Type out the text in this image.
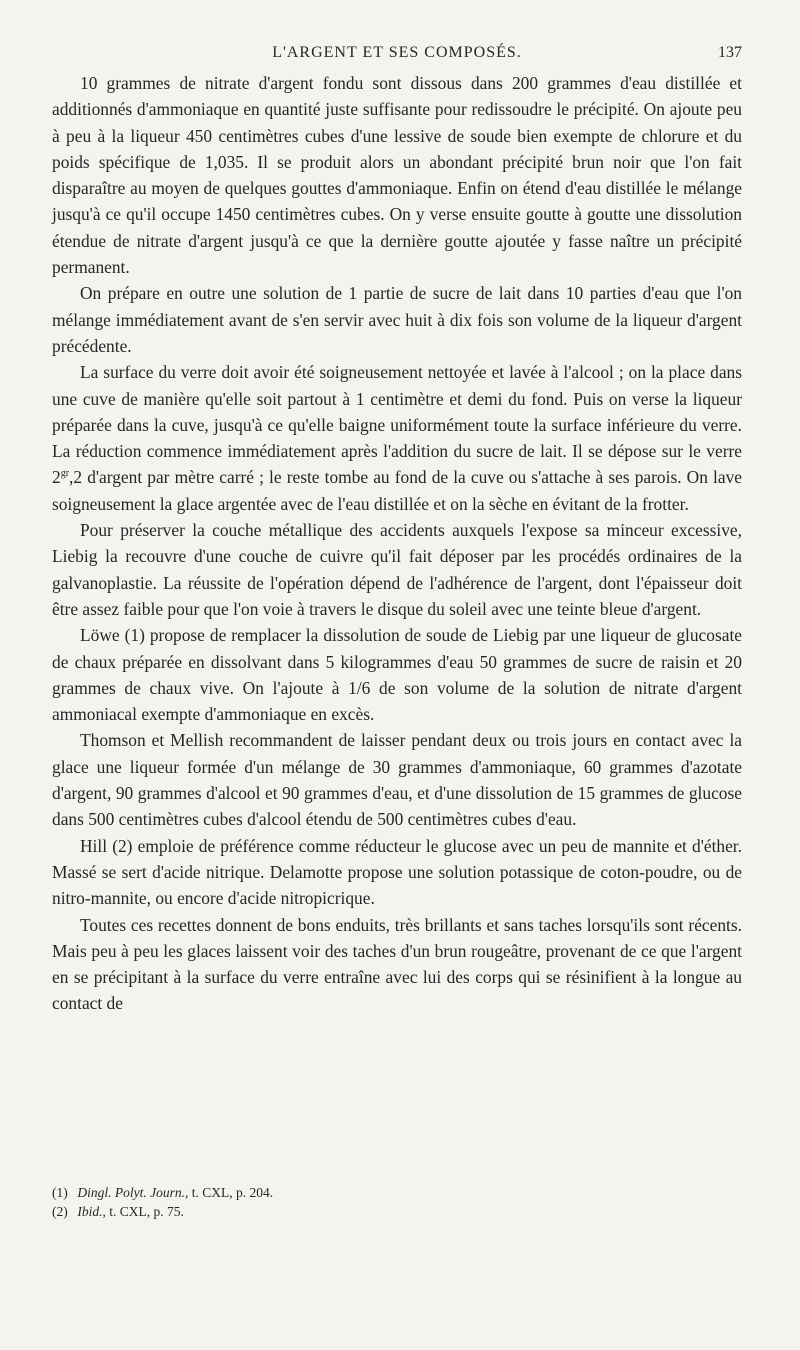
L'ARGENT ET SES COMPOSÉS.	137

10 grammes de nitrate d'argent fondu sont dissous dans 200 grammes d'eau distillée et additionnés d'ammoniaque en quantité juste suffisante pour redissoudre le précipité. On ajoute peu à peu à la liqueur 450 centimètres cubes d'une lessive de soude bien exempte de chlorure et du poids spécifique de 1,035. Il se produit alors un abondant précipité brun noir que l'on fait disparaître au moyen de quelques gouttes d'ammoniaque. Enfin on étend d'eau distillée le mélange jusqu'à ce qu'il occupe 1450 centimètres cubes. On y verse ensuite goutte à goutte une dissolution étendue de nitrate d'argent jusqu'à ce que la dernière goutte ajoutée y fasse naître un précipité permanent.

On prépare en outre une solution de 1 partie de sucre de lait dans 10 parties d'eau que l'on mélange immédiatement avant de s'en servir avec huit à dix fois son volume de la liqueur d'argent précédente.

La surface du verre doit avoir été soigneusement nettoyée et lavée à l'alcool ; on la place dans une cuve de manière qu'elle soit partout à 1 centimètre et demi du fond. Puis on verse la liqueur préparée dans la cuve, jusqu'à ce qu'elle baigne uniformément toute la surface inférieure du verre. La réduction commence immédiatement après l'addition du sucre de lait. Il se dépose sur le verre $2^{gr},2$ d'argent par mètre carré ; le reste tombe au fond de la cuve ou s'attache à ses parois. On lave soigneusement la glace argentée avec de l'eau distillée et on la sèche en évitant de la frotter.

Pour préserver la couche métallique des accidents auxquels l'expose sa minceur excessive, Liebig la recouvre d'une couche de cuivre qu'il fait déposer par les procédés ordinaires de la galvanoplastie. La réussite de l'opération dépend de l'adhérence de l'argent, dont l'épaisseur doit être assez faible pour que l'on voie à travers le disque du soleil avec une teinte bleue d'argent.

Löwe (1) propose de remplacer la dissolution de soude de Liebig par une liqueur de glucosate de chaux préparée en dissolvant dans 5 kilogrammes d'eau 50 grammes de sucre de raisin et 20 grammes de chaux vive. On l'ajoute à 1/6 de son volume de la solution de nitrate d'argent ammoniacal exempte d'ammoniaque en excès.

Thomson et Mellish recommandent de laisser pendant deux ou trois jours en contact avec la glace une liqueur formée d'un mélange de 30 grammes d'ammoniaque, 60 grammes d'azotate d'argent, 90 grammes d'alcool et 90 grammes d'eau, et d'une dissolution de 15 grammes de glucose dans 500 centimètres cubes d'alcool étendu de 500 centimètres cubes d'eau.

Hill (2) emploie de préférence comme réducteur le glucose avec un peu de mannite et d'éther. Massé se sert d'acide nitrique. Delamotte propose une solution potassique de coton-poudre, ou de nitro-mannite, ou encore d'acide nitropicrique.

Toutes ces recettes donnent de bons enduits, très brillants et sans taches lorsqu'ils sont récents. Mais peu à peu les glaces laissent voir des taches d'un brun rougeâtre, provenant de ce que l'argent en se précipitant à la surface du verre entraîne avec lui des corps qui se résinifient à la longue au contact de

(1) Dingl. Polyt. Journ., t. CXL, p. 204.
(2) Ibid., t. CXL, p. 75.
